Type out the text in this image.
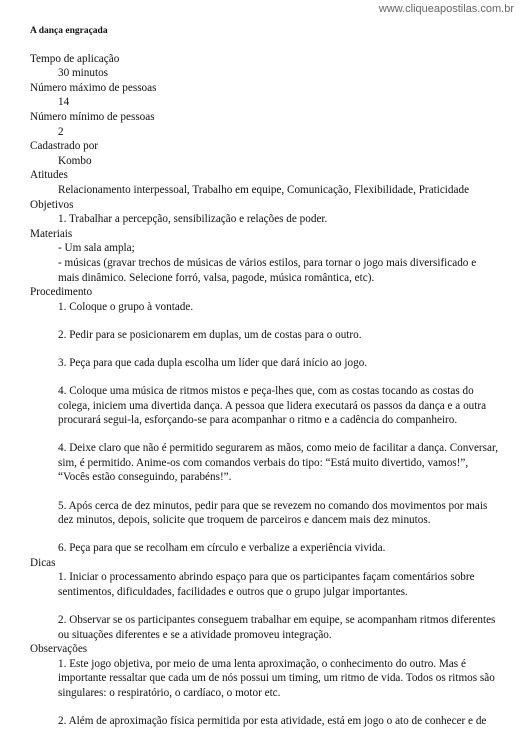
www.cliqueapostilas.com.br
A dança engraçada
Tempo de aplicação
30 minutos
Número máximo de pessoas
14
Número mínimo de pessoas
2
Cadastrado por
Kombo
Atitudes
Relacionamento interpessoal, Trabalho em equipe, Comunicação, Flexibilidade, Praticidade
Objetivos
1. Trabalhar a percepção, sensibilização e relações de poder.
Materiais

- Um sala ampla;

- músicas (gravar trechos de músicas de vários estilos, para tornar o jogo mais diversificado e mais dinâmico. Selecione forró, valsa, pagode, música romântica, etc).

Procedimento

1. Coloque o grupo à vontade.

2. Pedir para se posicionarem em duplas, um de costas para o outro.

3. Peça para que cada dupla escolha um líder que dará início ao jogo.

4. Coloque uma música de ritmos mistos e peça-lhes que, com as costas tocando as costas do colega, iniciem uma divertida dança. A pessoa que lidera executará os passos da dança e a outra procurará segui-la, esforçando-se para acompanhar o ritmo e a cadência do companheiro.

4. Deixe claro que não é permitido segurarem as mãos, como meio de facilitar a dança. Conversar, sim, é permitido. Anime-os com comandos verbais do tipo: “Está muito divertido, vamos!”, “Vocês estão conseguindo, parabéns!”.

5. Após cerca de dez minutos, pedir para que se revezem no comando dos movimentos por mais dez minutos, depois, solicite que troquem de parceiros e dancem mais dez minutos.

6. Peça para que se recolham em círculo e verbalize a experiência vivida.

Dicas

1. Iniciar o processamento abrindo espaço para que os participantes façam comentários sobre sentimentos, dificuldades, facilidades e outros que o grupo julgar importantes.

2. Observar se os participantes conseguem trabalhar em equipe, se acompanham ritmos diferentes ou situações diferentes e se a atividade promoveu integração.

Observações

1. Este jogo objetiva, por meio de uma lenta aproximação, o conhecimento do outro. Mas é importante ressaltar que cada um de nós possui um timing, um ritmo de vida. Todos os ritmos são singulares: o respiratório, o cardíaco, o motor etc.

2. Além de aproximação física permitida por esta atividade, está em jogo o ato de conhecer e de
